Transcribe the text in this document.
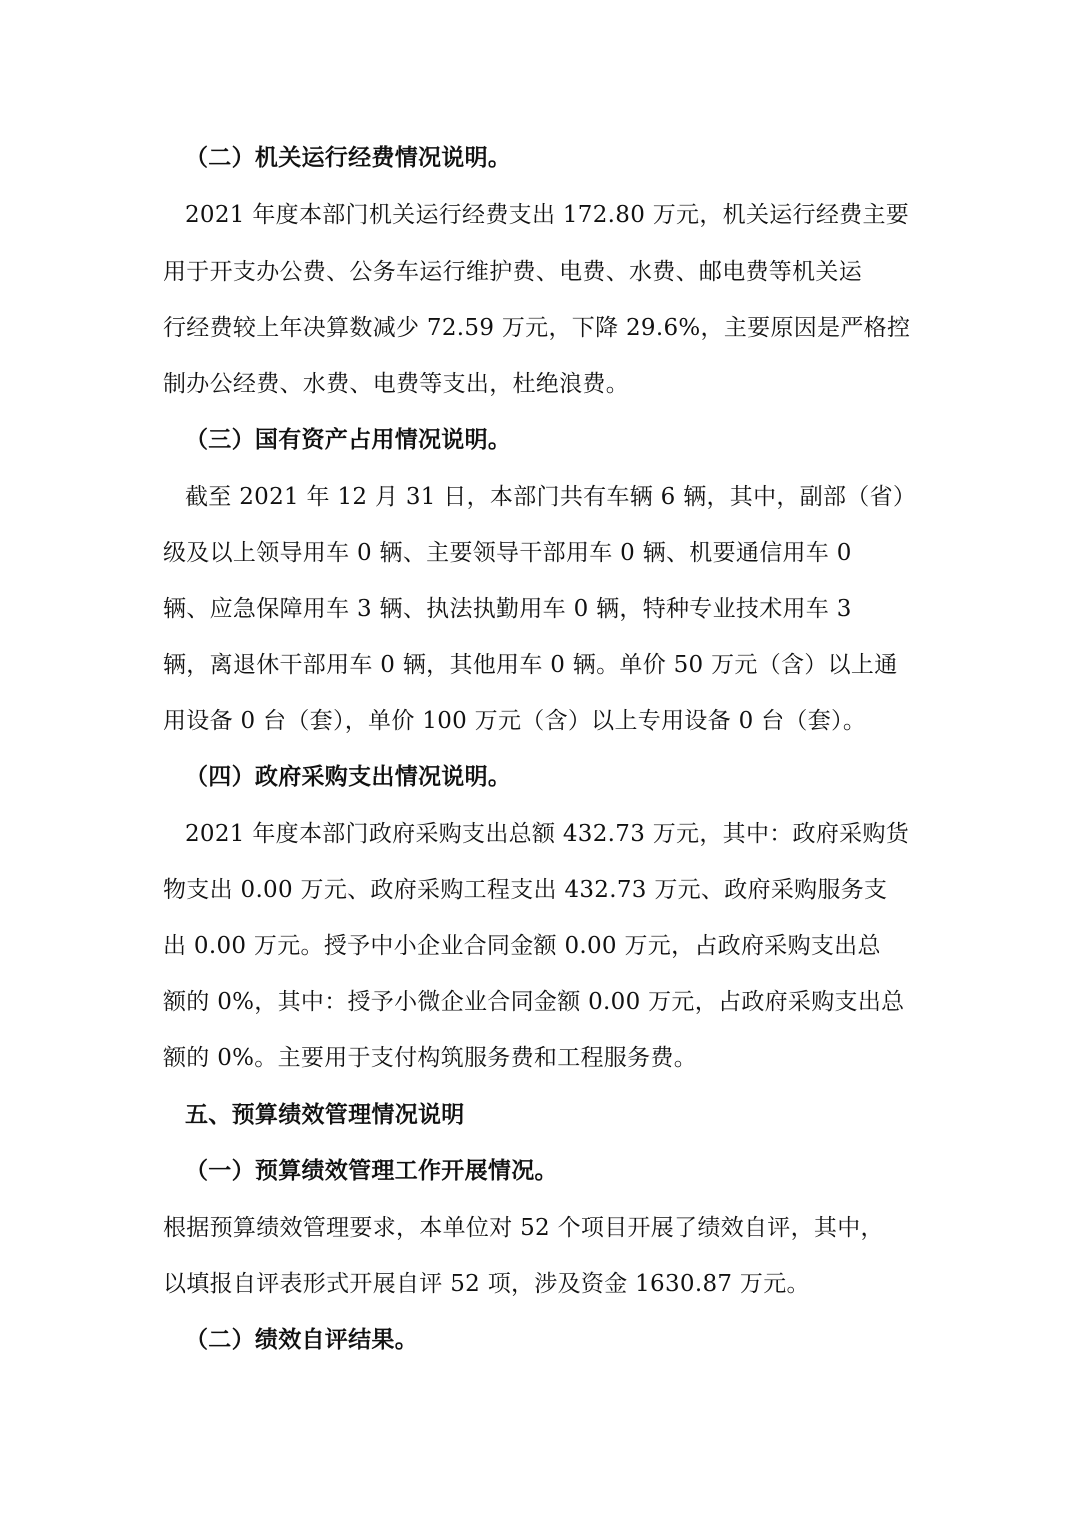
（二）机关运行经费情况说明。
2021 年度本部门机关运行经费支出 172.80 万元，机关运行经费主要
用于开支办公费、公务车运行维护费、电费、水费、邮电费等机关运
行经费较上年决算数减少 72.59 万元，下降 29.6%，主要原因是严格控
制办公经费、水费、电费等支出，杜绝浪费。
（三）国有资产占用情况说明。
截至 2021 年 12 月 31 日，本部门共有车辆 6 辆，其中，副部（省）
级及以上领导用车 0 辆、主要领导干部用车 0 辆、机要通信用车 0
辆、应急保障用车 3 辆、执法执勤用车 0 辆，特种专业技术用车 3
辆，离退休干部用车 0 辆，其他用车 0 辆。单价 50 万元（含）以上通
用设备 0 台（套），单价 100 万元（含）以上专用设备 0 台（套）。
（四）政府采购支出情况说明。
2021 年度本部门政府采购支出总额 432.73 万元，其中：政府采购货
物支出 0.00 万元、政府采购工程支出 432.73 万元、政府采购服务支
出 0.00 万元。授予中小企业合同金额 0.00 万元，占政府采购支出总
额的 0%，其中：授予小微企业合同金额 0.00 万元，占政府采购支出总
额的 0%。主要用于支付构筑服务费和工程服务费。
五、预算绩效管理情况说明
（一）预算绩效管理工作开展情况。
根据预算绩效管理要求，本单位对 52 个项目开展了绩效自评，其中，
以填报自评表形式开展自评 52 项，涉及资金 1630.87 万元。
（二）绩效自评结果。
